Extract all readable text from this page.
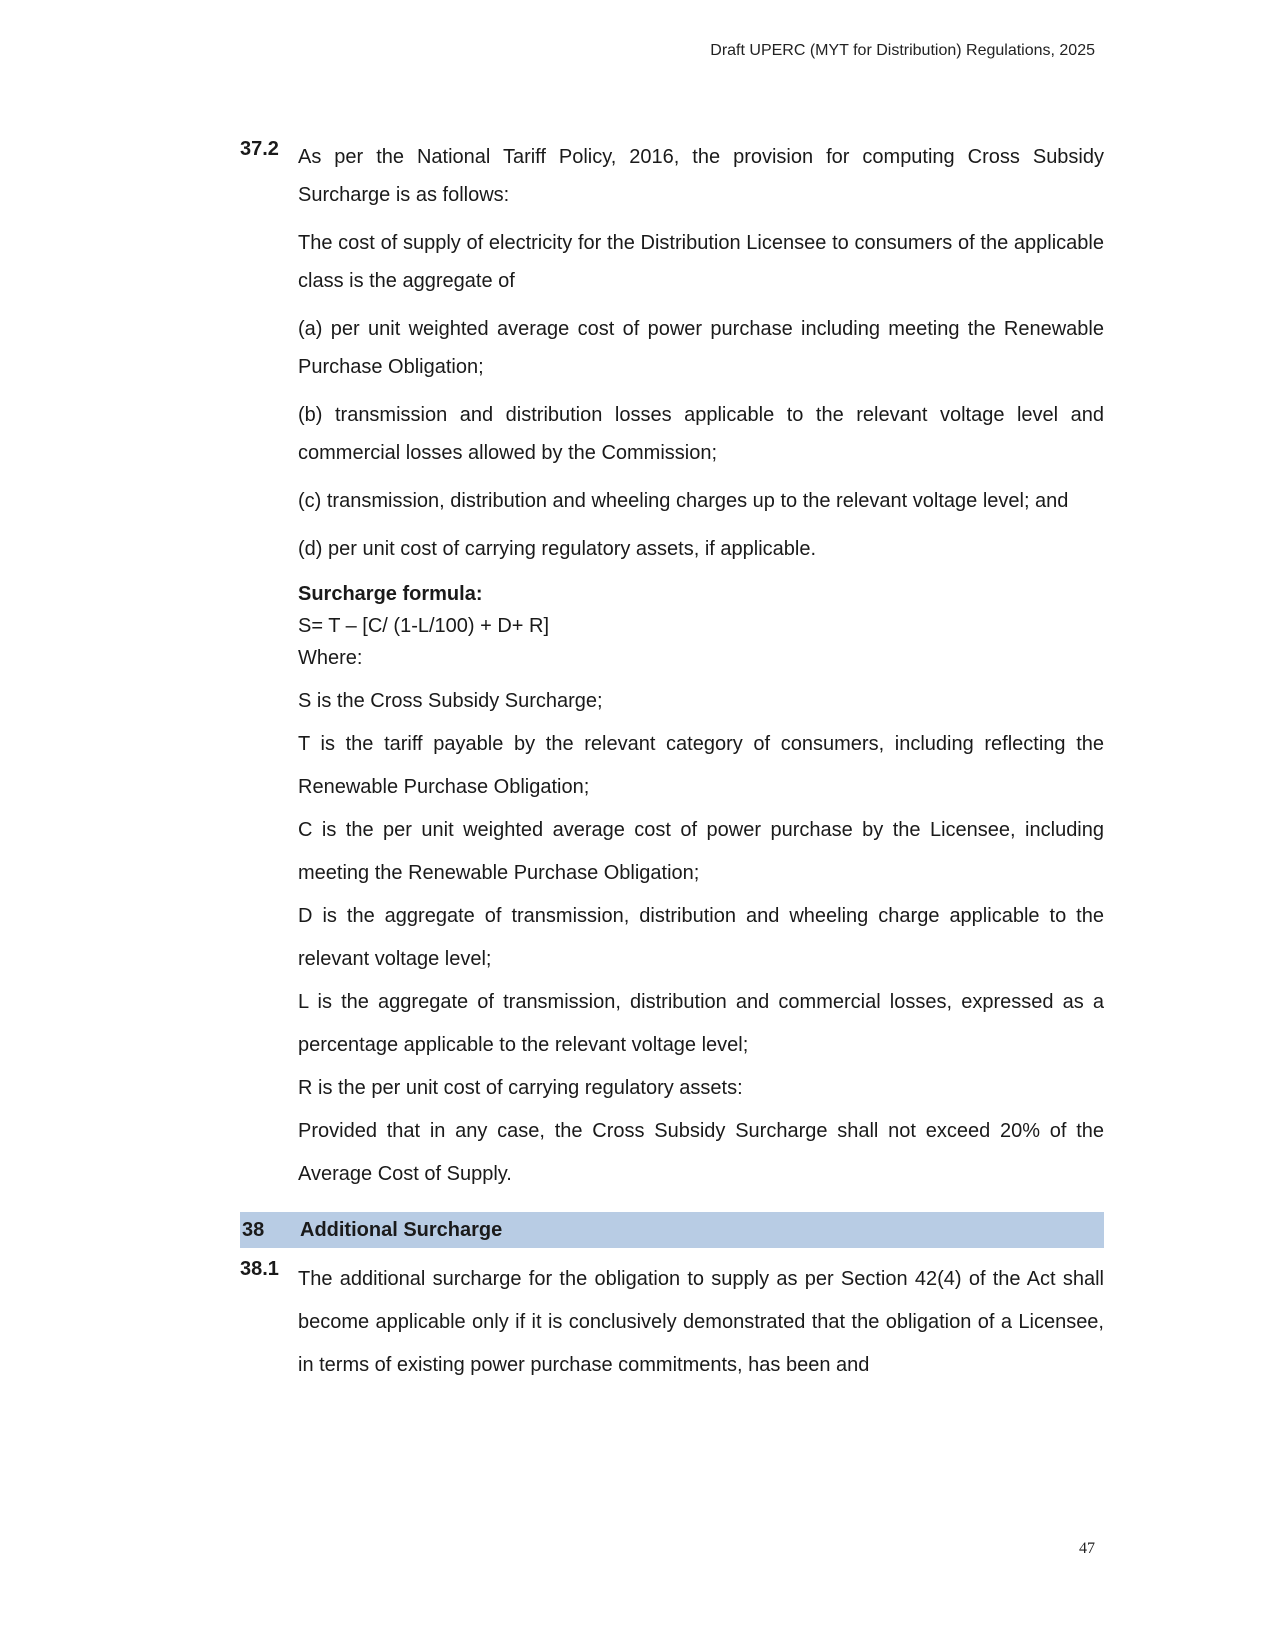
Draft UPERC (MYT for Distribution) Regulations, 2025
37.2 As per the National Tariff Policy, 2016, the provision for computing Cross Subsidy Surcharge is as follows:

The cost of supply of electricity for the Distribution Licensee to consumers of the applicable class is the aggregate of

(a) per unit weighted average cost of power purchase including meeting the Renewable Purchase Obligation;

(b) transmission and distribution losses applicable to the relevant voltage level and commercial losses allowed by the Commission;

(c) transmission, distribution and wheeling charges up to the relevant voltage level; and

(d) per unit cost of carrying regulatory assets, if applicable.

Surcharge formula:
S= T – [C/ (1-L/100) + D+ R]
Where:

S is the Cross Subsidy Surcharge;

T is the tariff payable by the relevant category of consumers, including reflecting the Renewable Purchase Obligation;

C is the per unit weighted average cost of power purchase by the Licensee, including meeting the Renewable Purchase Obligation;

D is the aggregate of transmission, distribution and wheeling charge applicable to the relevant voltage level;

L is the aggregate of transmission, distribution and commercial losses, expressed as a percentage applicable to the relevant voltage level;

R is the per unit cost of carrying regulatory assets:

Provided that in any case, the Cross Subsidy Surcharge shall not exceed 20% of the Average Cost of Supply.

38	Additional Surcharge
38.1 The additional surcharge for the obligation to supply as per Section 42(4) of the Act shall become applicable only if it is conclusively demonstrated that the obligation of a Licensee, in terms of existing power purchase commitments, has been and

47
